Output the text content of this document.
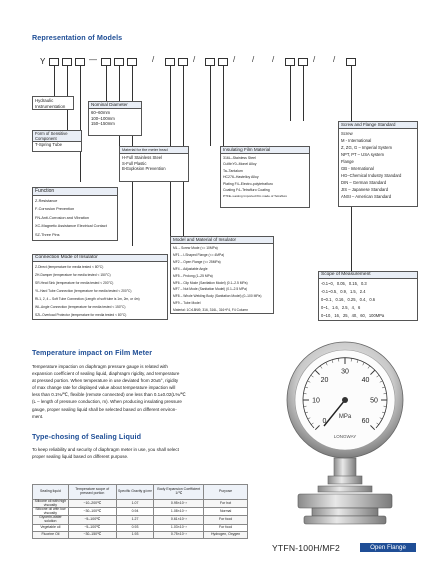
Representation of Models
Y	—	/	/	/ / /	/ /
Hydraulic
Instrumentation	Nominal Diameter
60–60mm
100–100mm
150–150mm
Form of Sensitive Component
T-Spring Tube
Material for the meter head
H-Full Stainless Steel
S-Full Plastic
B-Explosion Prevention
Insulating Film Material
316L–Stainless Steel
CuMnY0–Monel Alloy
Ta–Tantalum
HC276–Hastelloy Alloy
Plating F4–Electro-polytetrafluro
Coating F4–Tetrafluro Coating
PTFE–Lasting Imported film made of Tetrafluro
Screw and Flange Standard
Screw
M - International
Z, ZG, G – Imperial System
NPT, PT – USA system
Flange
GB - International
HG–Chemical Industry Standard
DIN – German Standard
JIS – Japanese Standard
ANSI – American Standard
Function
Z-Resistance
F-Corrosion Prevention
FN-Anti-Corrosion and Vibration
XC-Magnetic Assistance Electrical Contact
SZ-Three Pins
Model and Material of Insulator
ML – Screw Mode (<= 10MPa)
MF1 – I-Shaped Flange (<= 4MPa)
MF2 – Open Flange (<= 25MPa)
MF4 – Adjustable Angle
MF5 – Prolong (1–25 MPa)
MF6 – Clip Mode (Sanitation Model) (0.1–2.5 MPa)
MF7 – Nut Mode (Sanitation Model) (0.1–2.5 MPa)
MF8 – Whole Welding Body (Sanitation Model) (0–100 MPa)
MF9 – Tube Model
Material: 1Cr18Ni9, 316, 316L, 316+F4, F4 Column
Connection Mode of Insulator
Z-Direct (temperature for media tested < 80°C)
ZH-Damper (temperature for media tested < 150°C)
SR-Heat Sink (temperature for media tested < 200°C)
YL-Hard Tube Connection (temperature for media tested < 200°C)
RL1, 2, 4 – Soft Tube Connection (Length of soft tube is 1m, 2m, or 4m)
WL-Angle Connection (temperature for media tested < 150°C)
SZL-Overload Protector (temperature for media tested < 80°C)
Scope of Measurement
-0.1~0、0.05、0.15、0.3
-0.1~0.5、0.9、1.5、2.4
0~0.1、0.16、0.25、0.4、0.6
0~1、1.6、2.5、4、6
0~10、16、25、40、60、100MPa
Temperature impact on Film Meter
Temperature impaction on diaphragm pressure gauge is related with
expansion coefficient of sealing liquid, diaphragm rigidity, and temperature
at pressed portion. When temperature in use deviated from 20±5°, rigidity
of max change rate for displayed value about temperature impaction will
less than 0.1%/℃, flexible (remote connected) one less than 0.1±0.02(L%/℃
(L – length of pressure conduction, m). When producing insulating pressure
gauge, proper sealing liquid shall be selected based on different environ-
ment.
Type-chosing of Sealing Liquid
To keep reliability and security of diaphragm meter in use, you shall select
proper sealing liquid based on different purpose.
Sealing liquid	Temperature scope of pressed portion	Specific Gravity g/cm³	Body Expansion Coefficient 1/℃	Purpose
Silicone oil with high viscosity	−10–200℃	1.07	0.95×10⁻³	For hot
Silicone oil with low viscosity	−30–100℃	0.94	1.08×10⁻³	Normal
Glycerin-water solution	−5–100℃	1.27	0.61×10⁻³	For food
Vegetable oil	−5–100℃	0.93	1.03×10⁻³	For food
Fluorine Oil	−30–150℃	1.93	0.75×10⁻³	Hydrogen, Oxygen
0
10
20
30
40
50
60
MPa
LONGWAY
YTFN-100H/MF2	Open Flange
